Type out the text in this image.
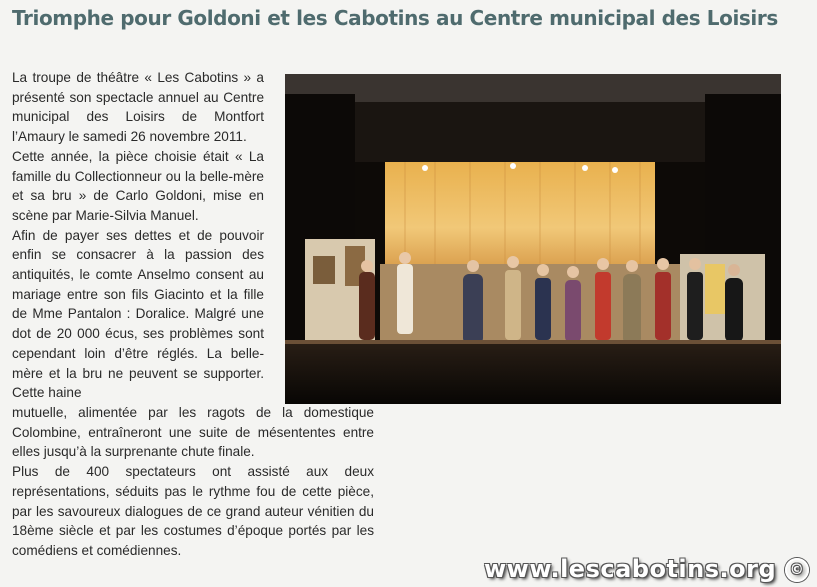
Triomphe pour Goldoni et les Cabotins au Centre municipal des Loisirs

La troupe de théâtre « Les Cabotins » a présenté son spectacle annuel au Centre municipal des Loisirs de Montfort l’Amaury le samedi 26 novembre 2011.

Cette année, la pièce choisie était « La famille du Collectionneur ou la belle-mère et sa bru » de Carlo Goldoni, mise en scène par Marie-Silvia Manuel.

Afin de payer ses dettes et de pouvoir enfin se consacrer à la passion des antiquités, le comte Anselmo consent au mariage entre son fils Giacinto et la fille de Mme Pantalon : Doralice. Malgré une dot de 20 000 écus, ses problèmes sont cependant loin d’être réglés. La belle-mère et la bru ne peuvent se supporter. Cette haine

mutuelle, alimentée par les ragots de la domestique Colombine, entraîneront une suite de mésententes entre elles jusqu’à la surprenante chute finale.

Plus de 400 spectateurs ont assisté aux deux représentations, séduits pas le rythme fou de cette pièce, par les savoureux dialogues de ce grand auteur vénitien du 18ème siècle et par les costumes d’époque portés par les comédiens et comédiennes.

www.lescabotins.org ©
